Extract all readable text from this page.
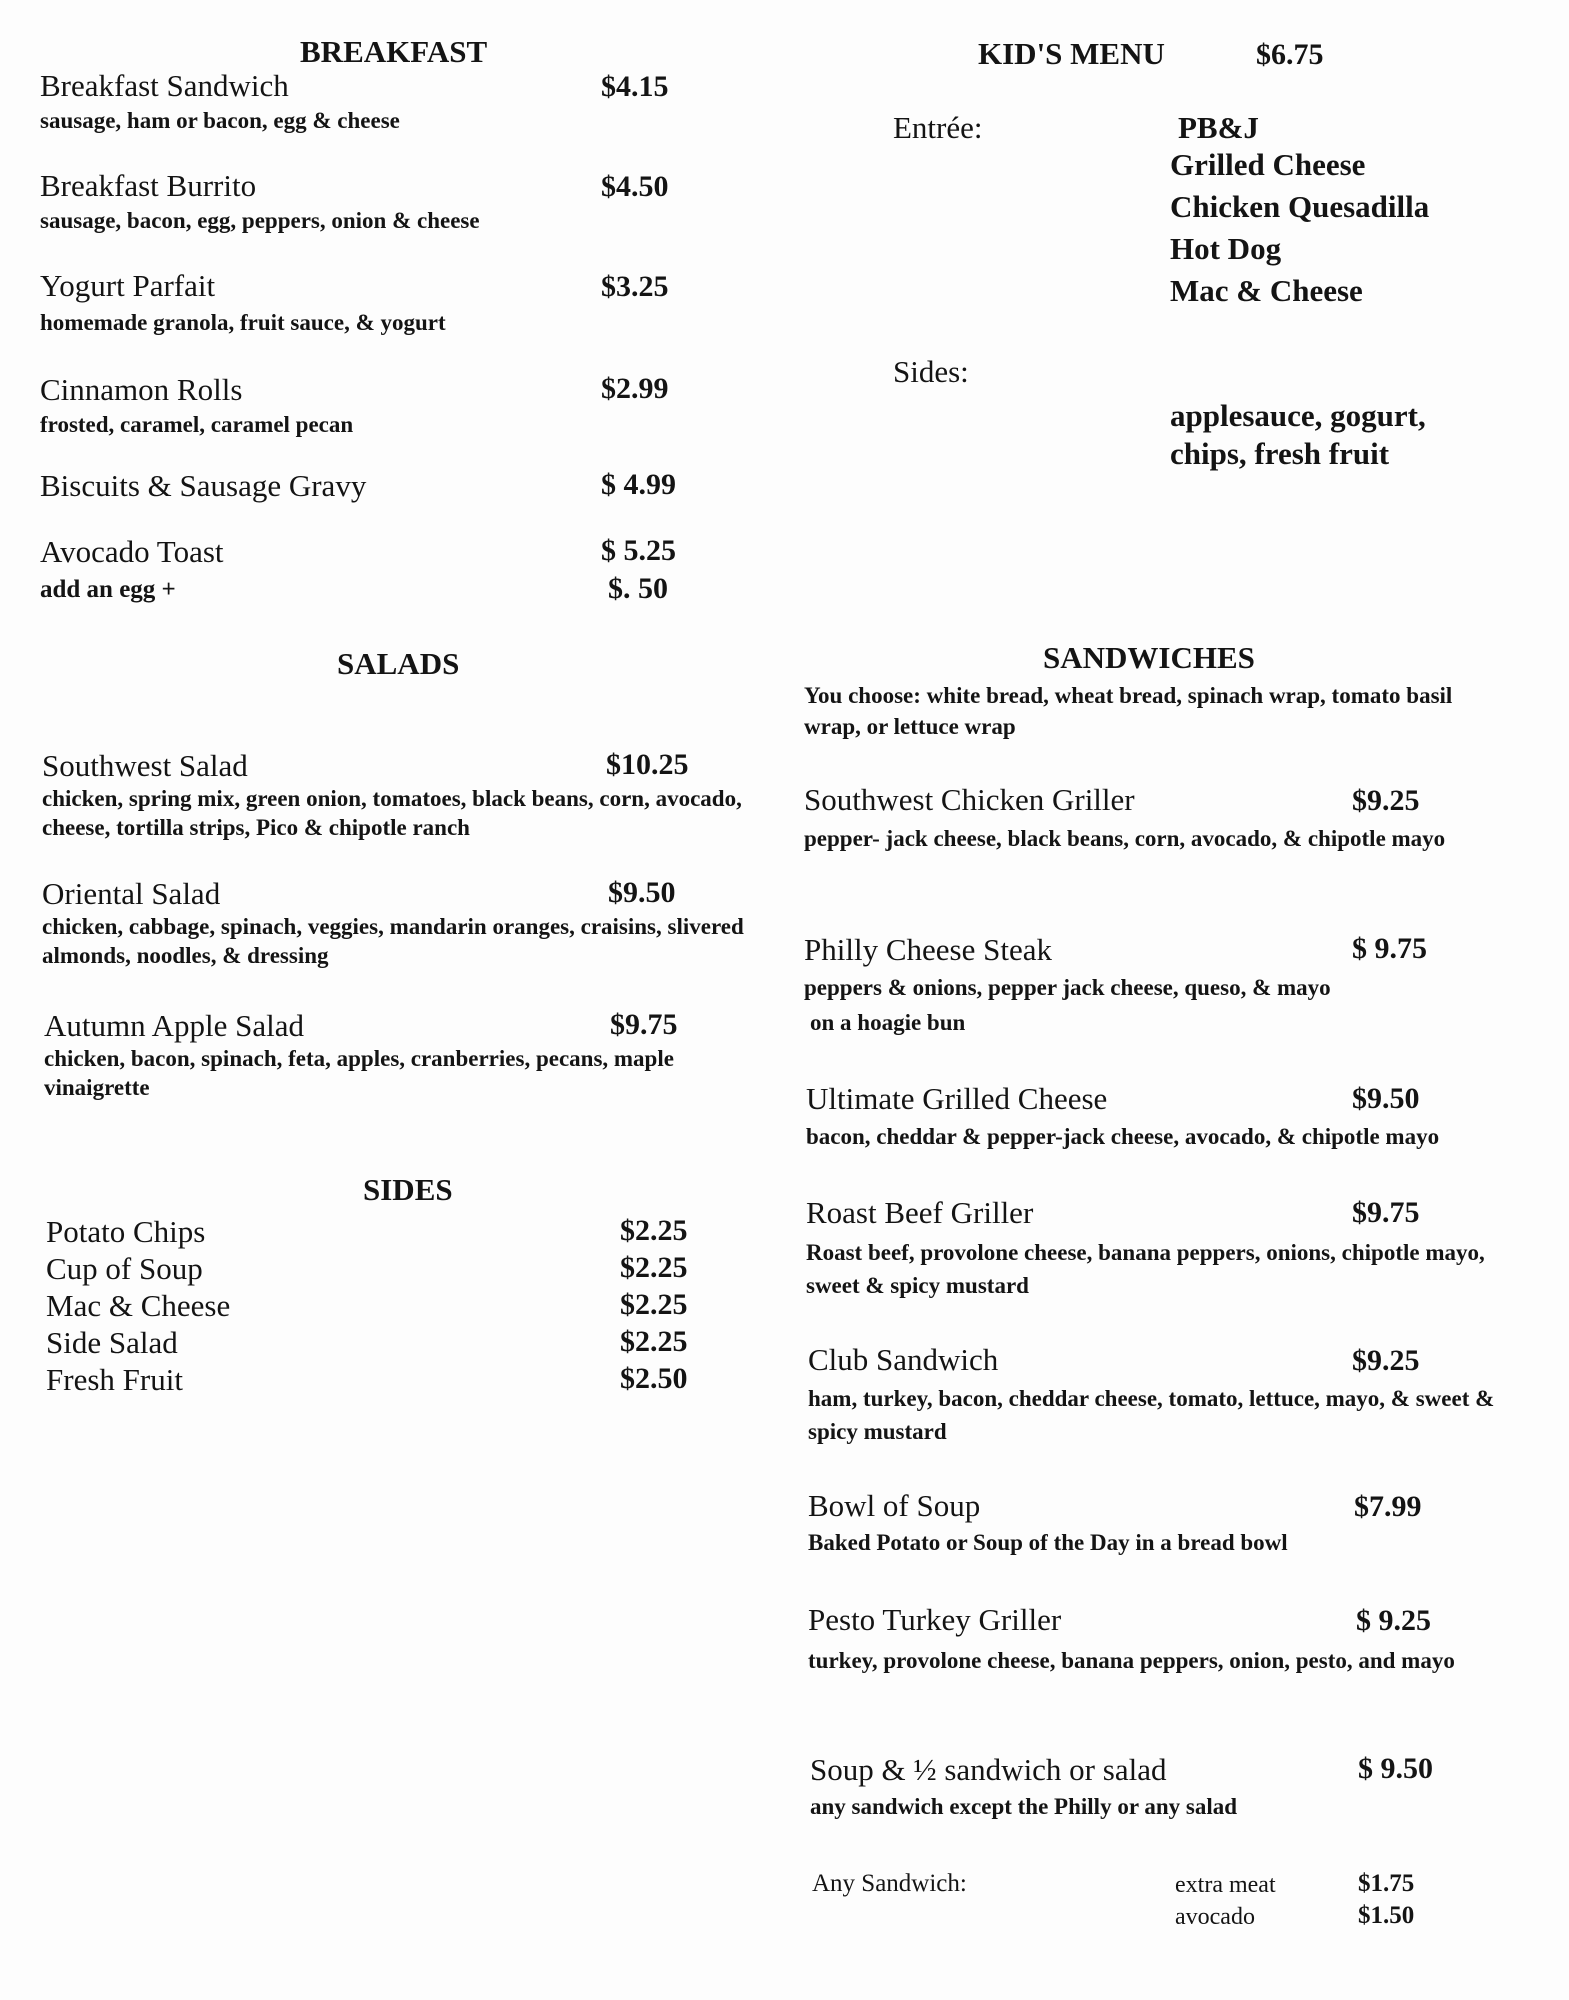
BREAKFAST
Breakfast Sandwich	$4.15
sausage, ham or bacon, egg & cheese
Breakfast Burrito	$4.50
sausage, bacon, egg, peppers, onion & cheese
Yogurt Parfait	$3.25
homemade granola, fruit sauce, & yogurt
Cinnamon Rolls	$2.99
frosted, caramel, caramel pecan
Biscuits & Sausage Gravy	$ 4.99
Avocado Toast	$ 5.25
add an egg +	$. 50
KID'S MENU	$6.75
Entrée:	PB&J
Grilled Cheese
Chicken Quesadilla
Hot Dog
Mac & Cheese
Sides:
applesauce, gogurt,
chips, fresh fruit
SALADS
Southwest Salad	$10.25
chicken, spring mix, green onion, tomatoes, black beans, corn, avocado, cheese, tortilla strips, Pico & chipotle ranch
Oriental Salad	$9.50
chicken, cabbage, spinach, veggies, mandarin oranges, craisins, slivered almonds, noodles, & dressing
Autumn Apple Salad	$9.75
chicken, bacon, spinach, feta, apples, cranberries, pecans, maple vinaigrette
SIDES
Potato Chips	$2.25
Cup of Soup	$2.25
Mac & Cheese	$2.25
Side Salad	$2.25
Fresh Fruit	$2.50
SANDWICHES
You choose: white bread, wheat bread, spinach wrap, tomato basil wrap, or lettuce wrap
Southwest Chicken Griller	$9.25
pepper- jack cheese, black beans, corn, avocado, & chipotle mayo
Philly Cheese Steak	$ 9.75
peppers & onions, pepper jack cheese, queso, & mayo
on a hoagie bun
Ultimate Grilled Cheese	$9.50
bacon, cheddar & pepper-jack cheese, avocado, & chipotle mayo
Roast Beef Griller	$9.75
Roast beef, provolone cheese, banana peppers, onions, chipotle mayo, sweet & spicy mustard
Club Sandwich	$9.25
ham, turkey, bacon, cheddar cheese, tomato, lettuce, mayo, & sweet & spicy mustard
Bowl of Soup	$7.99
Baked Potato or Soup of the Day in a bread bowl
Pesto Turkey Griller	$ 9.25
turkey, provolone cheese, banana peppers, onion, pesto, and mayo
Soup & ½ sandwich or salad	$ 9.50
any sandwich except the Philly or any salad
Any Sandwich:	extra meat	$1.75
avocado	$1.50
